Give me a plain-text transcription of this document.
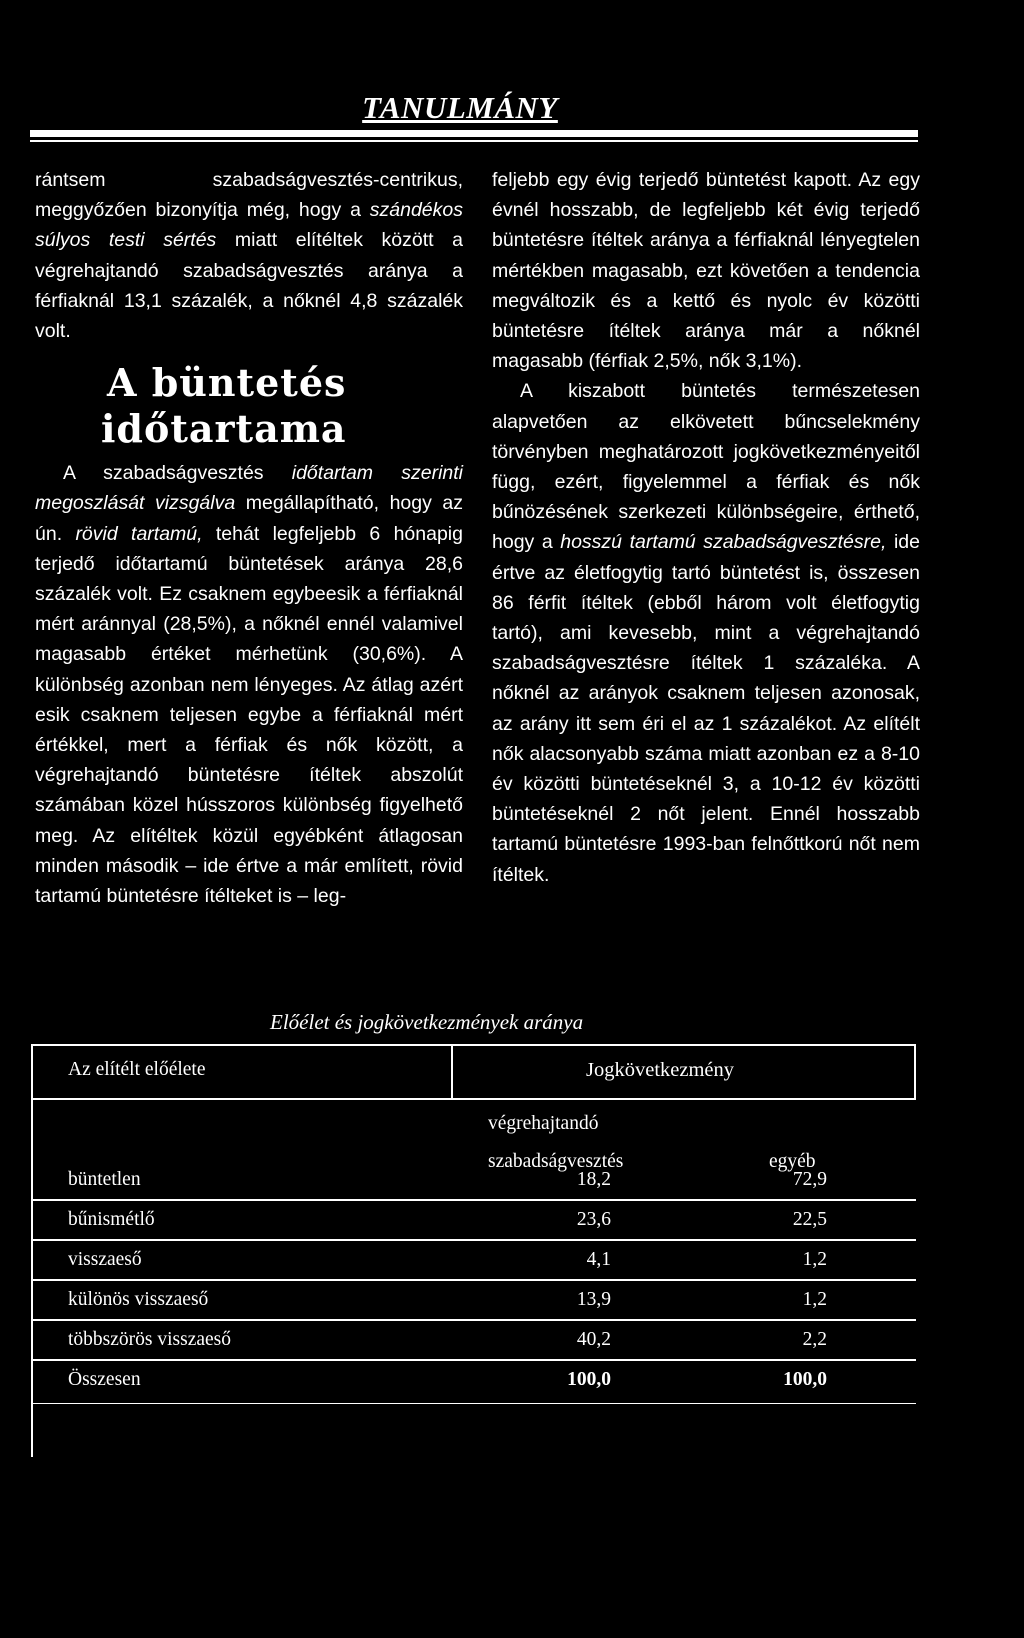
TANULMÁNY

rántsem szabadságvesztés-centrikus, meggyőzően bizonyítja még, hogy a szándékos súlyos testi sértés miatt elítéltek között a végrehajtandó szabadságvesztés aránya a férfiaknál 13,1 százalék, a nőknél 4,8 százalék volt.

A büntetés
időtartama

A szabadságvesztés időtartam szerinti megoszlását vizsgálva megállapítható, hogy az ún. rövid tartamú, tehát legfeljebb 6 hónapig terjedő időtartamú büntetések aránya 28,6 százalék volt. Ez csaknem egybeesik a férfiaknál mért aránnyal (28,5%), a nőknél ennél valamivel magasabb értéket mérhetünk (30,6%). A különbség azonban nem lényeges. Az átlag azért esik csaknem teljesen egybe a férfiaknál mért értékkel, mert a férfiak és nők között, a végrehajtandó büntetésre ítéltek abszolút számában közel hússzoros különbség figyelhető meg. Az elítéltek közül egyébként átlagosan minden második – ide értve a már említett, rövid tartamú büntetésre ítélteket is – leg-

feljebb egy évig terjedő büntetést kapott. Az egy évnél hosszabb, de legfeljebb két évig terjedő büntetésre ítéltek aránya a férfiaknál lényegtelen mértékben magasabb, ezt követően a tendencia megváltozik és a kettő és nyolc év közötti büntetésre ítéltek aránya már a nőknél magasabb (férfiak 2,5%, nők 3,1%).

A kiszabott büntetés természetesen alapvetően az elkövetett bűncselekmény törvényben meghatározott jogkövetkezményeitől függ, ezért, figyelemmel a férfiak és nők bűnözésének szerkezeti különbségeire, érthető, hogy a hosszú tartamú szabadságvesztésre, ide értve az életfogytig tartó büntetést is, összesen 86 férfit ítéltek (ebből három volt életfogytig tartó), ami kevesebb, mint a végrehajtandó szabadságvesztésre ítéltek 1 százaléka. A nőknél az arányok csaknem teljesen azonosak, az arány itt sem éri el az 1 százalékot. Az elítélt nők alacsonyabb száma miatt azonban ez a 8-10 év közötti büntetéseknél 3, a 10-12 év közötti büntetéseknél 2 nőt jelent. Ennél hosszabb tartamú büntetésre 1993-ban felnőttkorú nőt nem ítéltek.

Előélet és jogkövetkezmények aránya
Az elítélt előélete	Jogkövetkezmény
végrehajtandó
szabadságvesztés	egyéb
büntetlen	18,2	72,9
bűnismétlő	23,6	22,5
visszaeső	4,1	1,2
különös visszaeső	13,9	1,2
többszörös visszaeső	40,2	2,2
Összesen	100,0	100,0
